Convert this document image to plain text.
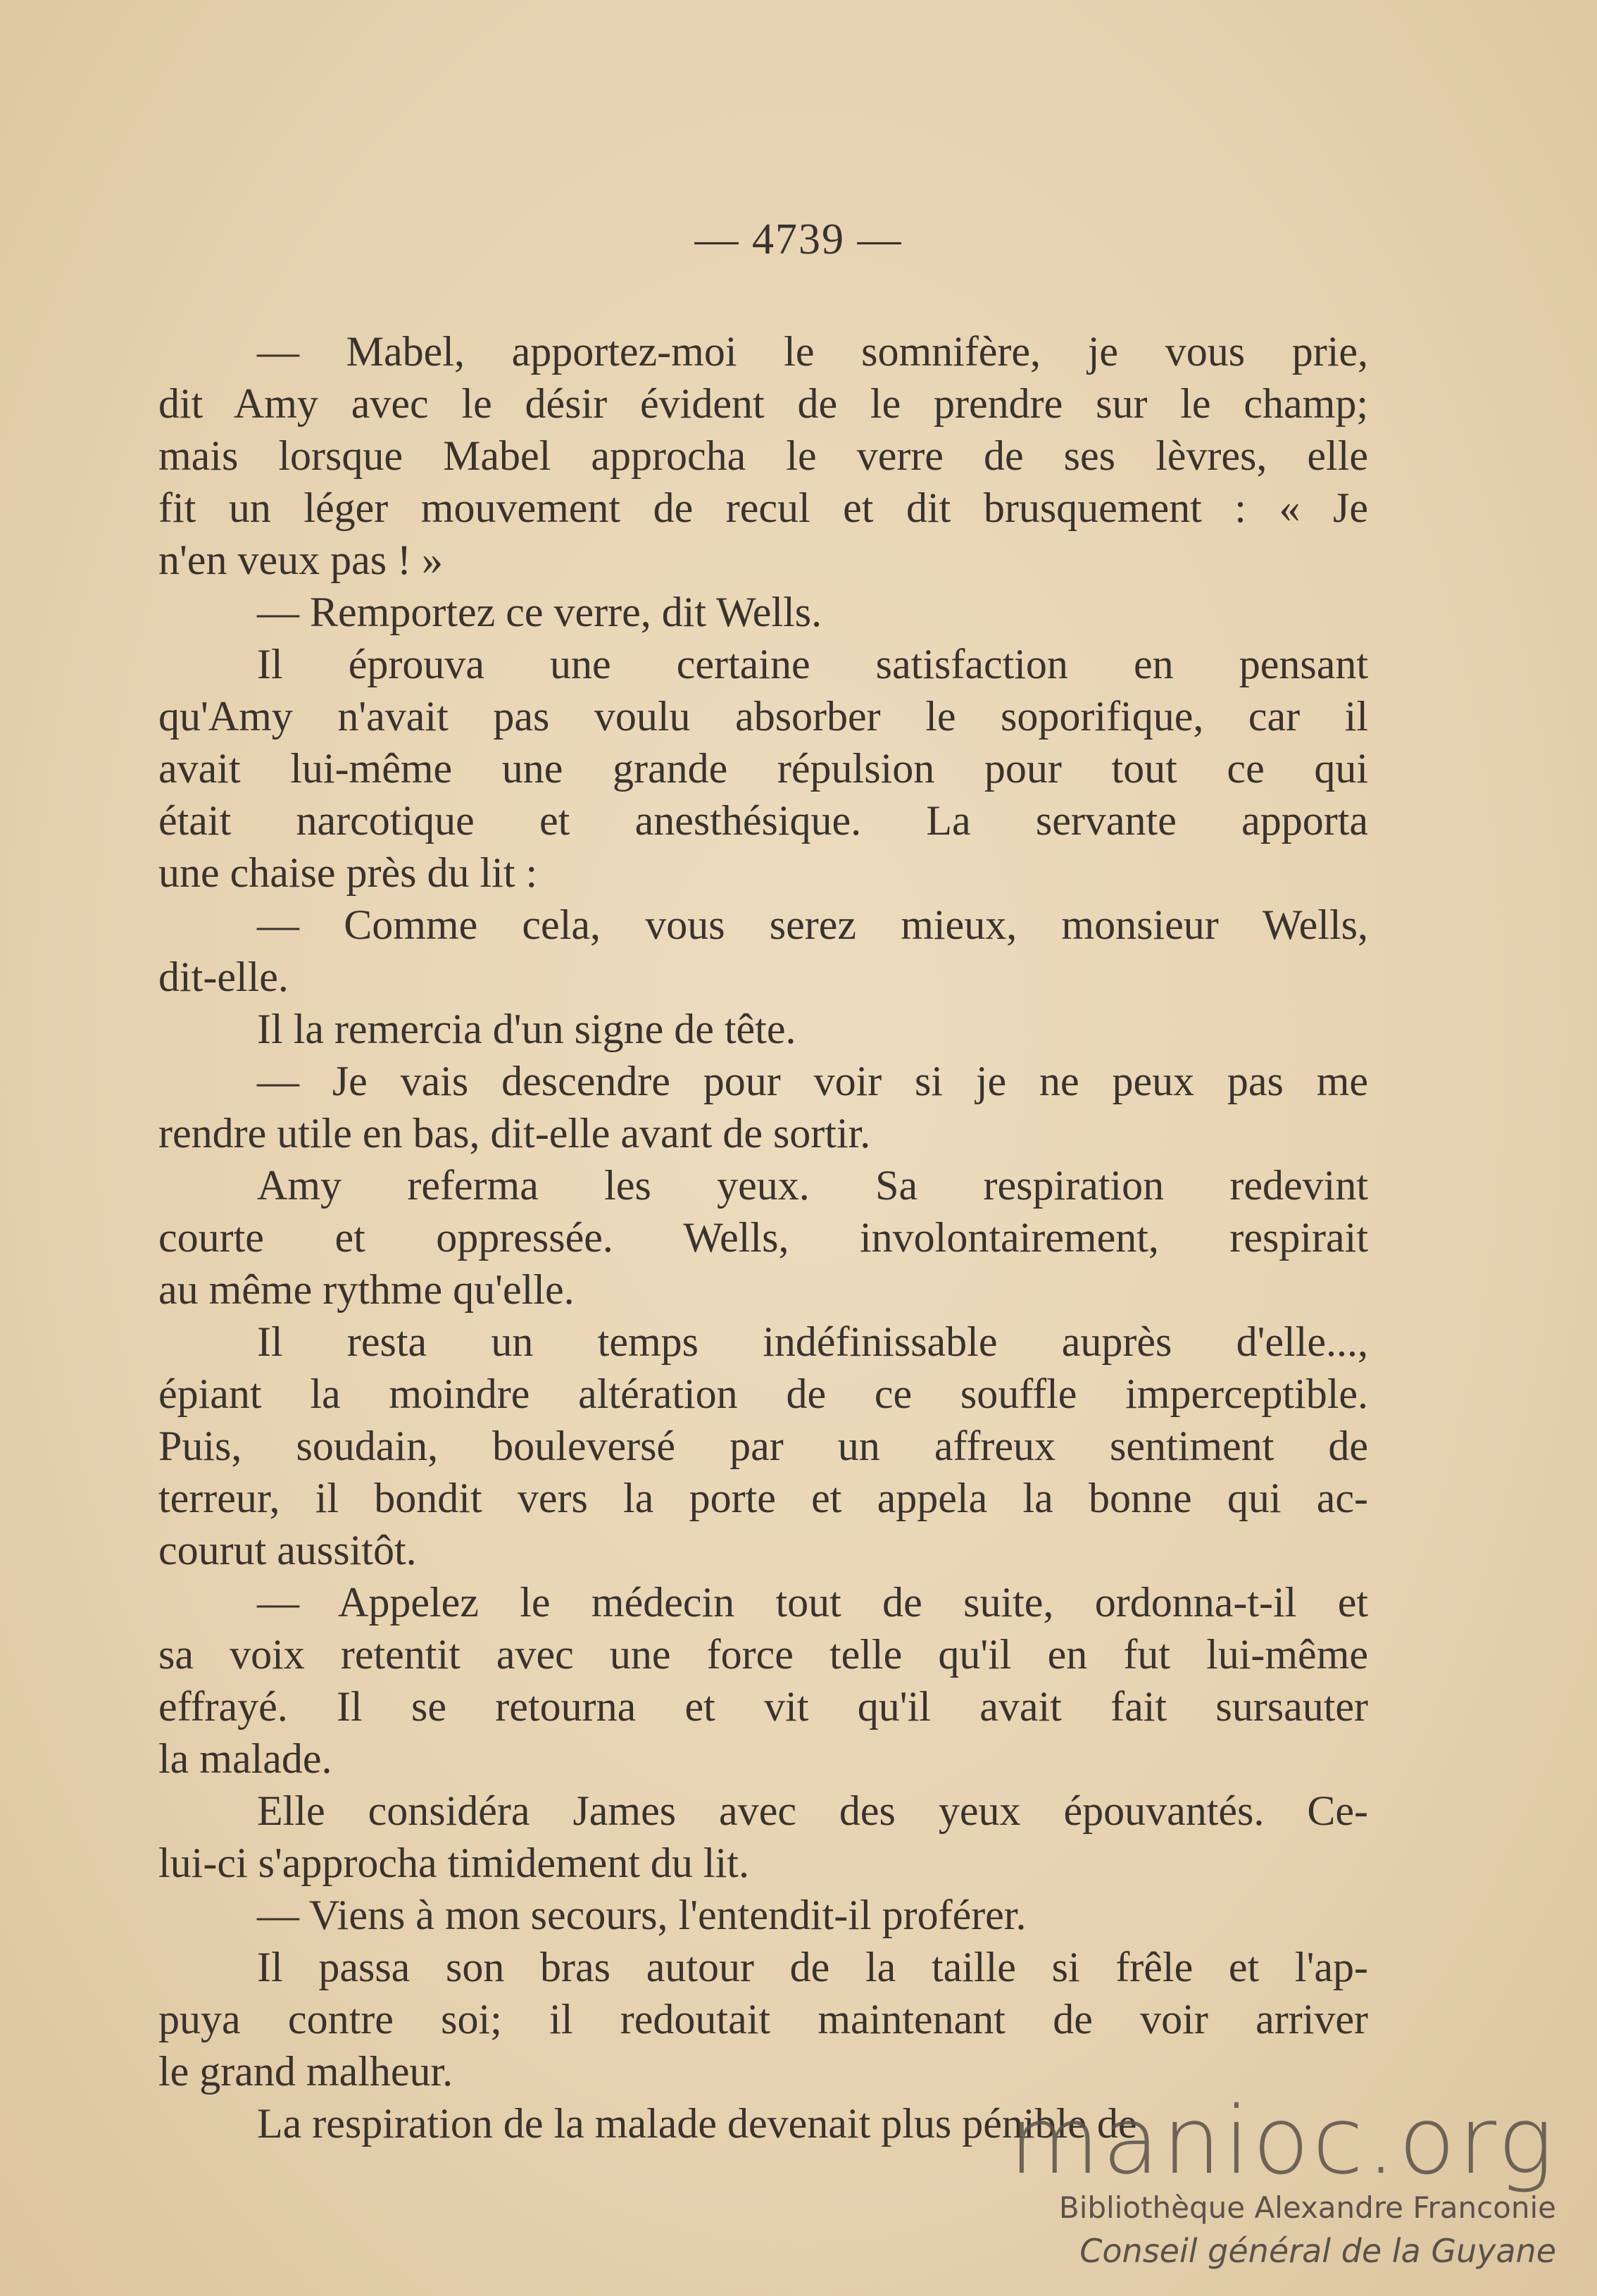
— 4739 —
— Mabel, apportez-moi le somnifère, je vous prie,
dit Amy avec le désir évident de le prendre sur le champ;
mais lorsque Mabel approcha le verre de ses lèvres, elle
fit un léger mouvement de recul et dit brusquement : « Je
n'en veux pas ! »
— Remportez ce verre, dit Wells.
Il éprouva une certaine satisfaction en pensant
qu'Amy n'avait pas voulu absorber le soporifique, car il
avait lui-même une grande répulsion pour tout ce qui
était narcotique et anesthésique. La servante apporta
une chaise près du lit :
— Comme cela, vous serez mieux, monsieur Wells,
dit-elle.
Il la remercia d'un signe de tête.
— Je vais descendre pour voir si je ne peux pas me
rendre utile en bas, dit-elle avant de sortir.
Amy referma les yeux. Sa respiration redevint
courte et oppressée. Wells, involontairement, respirait
au même rythme qu'elle.
Il resta un temps indéfinissable auprès d'elle...,
épiant la moindre altération de ce souffle imperceptible.
Puis, soudain, bouleversé par un affreux sentiment de
terreur, il bondit vers la porte et appela la bonne qui ac-
courut aussitôt.
— Appelez le médecin tout de suite, ordonna-t-il et
sa voix retentit avec une force telle qu'il en fut lui-même
effrayé. Il se retourna et vit qu'il avait fait sursauter
la malade.
Elle considéra James avec des yeux épouvantés. Ce-
lui-ci s'approcha timidement du lit.
— Viens à mon secours, l'entendit-il proférer.
Il passa son bras autour de la taille si frêle et l'ap-
puya contre soi; il redoutait maintenant de voir arriver
le grand malheur.
La respiration de la malade devenait plus pénible de
manioc.org
Bibliothèque Alexandre Franconie
Conseil général de la Guyane
